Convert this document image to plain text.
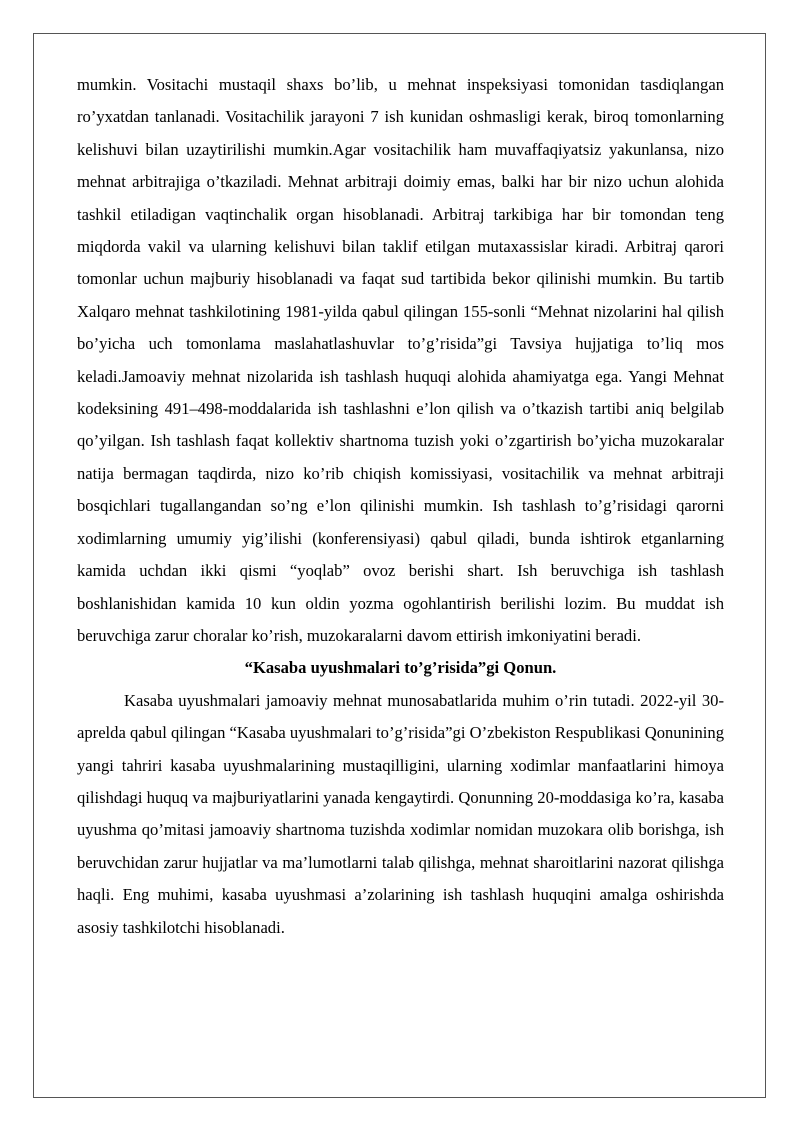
mumkin. Vositachi mustaqil shaxs bo’lib, u mehnat inspeksiyasi tomonidan tasdiqlangan ro’yxatdan tanlanadi. Vositachilik jarayoni 7 ish kunidan oshmasligi kerak, biroq tomonlarning kelishuvi bilan uzaytirilishi mumkin.Agar vositachilik ham muvaffaqiyatsiz yakunlansa, nizo mehnat arbitrajiga o’tkaziladi. Mehnat arbitraji doimiy emas, balki har bir nizo uchun alohida tashkil etiladigan vaqtinchalik organ hisoblanadi. Arbitraj tarkibiga har bir tomondan teng miqdorda vakil va ularning kelishuvi bilan taklif etilgan mutaxassislar kiradi. Arbitraj qarori tomonlar uchun majburiy hisoblanadi va faqat sud tartibida bekor qilinishi mumkin. Bu tartib Xalqaro mehnat tashkilotining 1981-yilda qabul qilingan 155-sonli “Mehnat nizolarini hal qilish bo’yicha uch tomonlama maslahatlashuvlar to’g’risida”gi Tavsiya hujjatiga to’liq mos keladi.Jamoaviy mehnat nizolarida ish tashlash huquqi alohida ahamiyatga ega. Yangi Mehnat kodeksining 491–498-moddalarida ish tashlashni e’lon qilish va o’tkazish tartibi aniq belgilab qo’yilgan. Ish tashlash faqat kollektiv shartnoma tuzish yoki o’zgartirish bo’yicha muzokaralar natija bermagan taqdirda, nizo ko’rib chiqish komissiyasi, vositachilik va mehnat arbitraji bosqichlari tugallangandan so’ng e’lon qilinishi mumkin. Ish tashlash to’g’risidagi qarorni xodimlarning umumiy yig’ilishi (konferensiyasi) qabul qiladi, bunda ishtirok etganlarning kamida uchdan ikki qismi “yoqlab” ovoz berishi shart. Ish beruvchiga ish tashlash boshlanishidan kamida 10 kun oldin yozma ogohlantirish berilishi lozim. Bu muddat ish beruvchiga zarur choralar ko’rish, muzokaralarni davom ettirish imkoniyatini beradi.

“Kasaba uyushmalari to’g’risida”gi Qonun.

Kasaba uyushmalari jamoaviy mehnat munosabatlarida muhim o’rin tutadi. 2022-yil 30-aprelda qabul qilingan “Kasaba uyushmalari to’g’risida”gi O’zbekiston Respublikasi Qonunining yangi tahriri kasaba uyushmalarining mustaqilligini, ularning xodimlar manfaatlarini himoya qilishdagi huquq va majburiyatlarini yanada kengaytirdi. Qonunning 20-moddasiga ko’ra, kasaba uyushma qo’mitasi jamoaviy shartnoma tuzishda xodimlar nomidan muzokara olib borishga, ish beruvchidan zarur hujjatlar va ma’lumotlarni talab qilishga, mehnat sharoitlarini nazorat qilishga haqli. Eng muhimi, kasaba uyushmasi a’zolarining ish tashlash huquqini amalga oshirishda asosiy tashkilotchi hisoblanadi.
